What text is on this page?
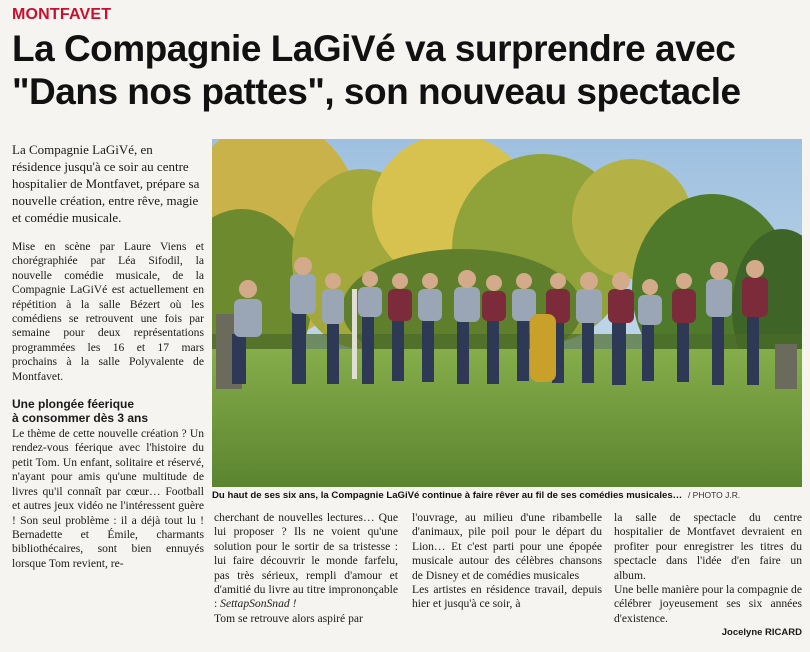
MONTFAVET
La Compagnie LaGiVé va surprendre avec
"Dans nos pattes", son nouveau spectacle

La Compagnie LaGiVé, en résidence jusqu'à ce soir au centre hospitalier de Montfavet, prépare sa nouvelle création, entre rêve, magie et comédie musicale.

Mise en scène par Laure Viens et chorégraphiée par Léa Sifodil, la nouvelle comédie musicale, de la Compagnie LaGiVé est actuellement en répétition à la salle Bézert où les comédiens se retrouvent une fois par semaine pour deux représentations programmées les 16 et 17 mars prochains à la salle Polyvalente de Montfavet.

Une plongée féerique
à consommer dès 3 ans

Le thème de cette nouvelle création ? Un rendez-vous féerique avec l'histoire du petit Tom. Un enfant, solitaire et réservé, n'ayant pour amis qu'une multitude de livres qu'il connaît par cœur… Football et autres jeux vidéo ne l'intéressent guère ! Son seul problème : il a déjà tout lu ! Bernadette et Émile, charmants bibliothécaires, sont bien ennuyés lorsque Tom revient, re-

Du haut de ses six ans, la Compagnie LaGiVé continue à faire rêver au fil de ses comédies musicales… / PHOTO J.R.

cherchant de nouvelles lectures… Que lui proposer ? Ils ne voient qu'une solution pour le sortir de sa tristesse : lui faire découvrir le monde farfelu, pas très sérieux, rempli d'amour et d'amitié du livre au titre imprononçable : SettapSonSnad !

Tom se retrouve alors aspiré par

l'ouvrage, au milieu d'une ribambelle d'animaux, pile poil pour le départ du Lion… Et c'est parti pour une épopée musicale autour des célèbres chansons de Disney et de comédies musicales

Les artistes en résidence travail, depuis hier et jusqu'à ce soir, à

la salle de spectacle du centre hospitalier de Montfavet devraient en profiter pour enregistrer les titres du spectacle dans l'idée d'en faire un album.

Une belle manière pour la compagnie de célébrer joyeusement ses six années d'existence.

Jocelyne RICARD
